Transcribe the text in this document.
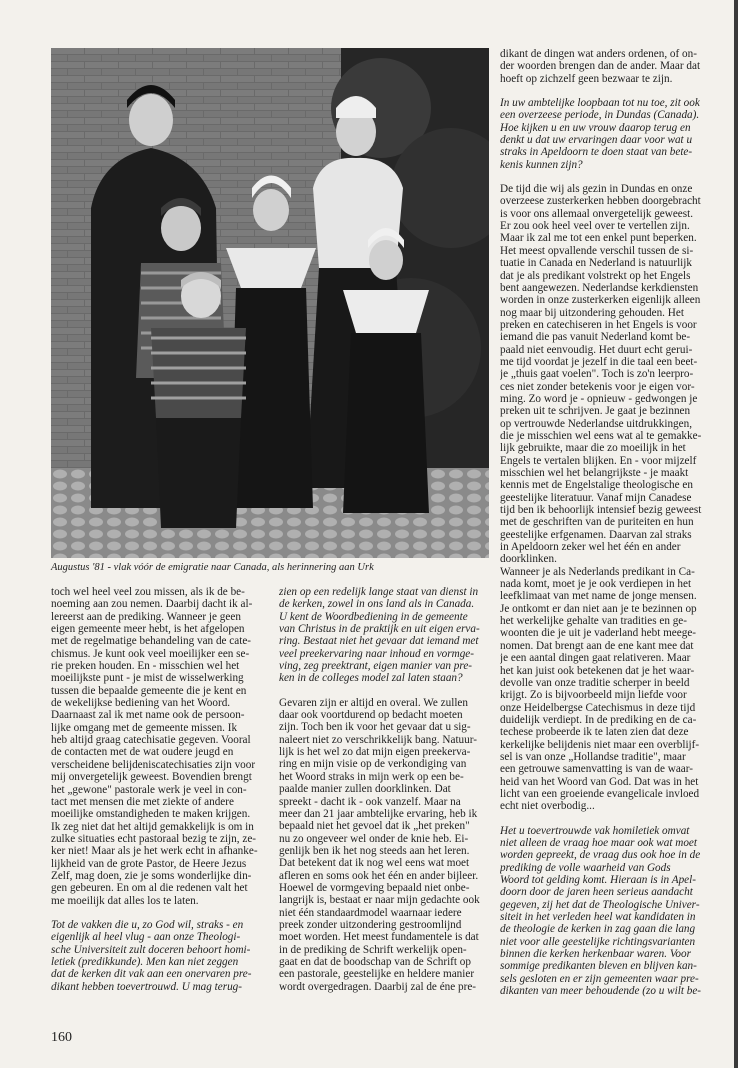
Augustus '81 - vlak vóór de emigratie naar Canada, als herinnering aan Urk

toch wel heel veel zou missen, als ik de be-
noeming aan zou nemen. Daarbij dacht ik al-
lereerst aan de prediking. Wanneer je geen
eigen gemeente meer hebt, is het afgelopen
met de regelmatige behandeling van de cate-
chismus. Je kunt ook veel moeilijker een se-
rie preken houden. En - misschien wel het
moeilijkste punt - je mist de wisselwerking
tussen die bepaalde gemeente die je kent en
de wekelijkse bediening van het Woord.
Daarnaast zal ik met name ook de persoon-
lijke omgang met de gemeente missen. Ik
heb altijd graag catechisatie gegeven. Vooral
de contacten met de wat oudere jeugd en
verscheidene belijdeniscatechisaties zijn voor
mij onvergetelijk geweest. Bovendien brengt
het „gewone" pastorale werk je veel in con-
tact met mensen die met ziekte of andere
moeilijke omstandigheden te maken krijgen.
Ik zeg niet dat het altijd gemakkelijk is om in
zulke situaties echt pastoraal bezig te zijn, ze-
ker niet! Maar als je het werk echt in afhanke-
lijkheid van de grote Pastor, de Heere Jezus
Zelf, mag doen, zie je soms wonderlijke din-
gen gebeuren. En om al die redenen valt het
me moeilijk dat alles los te laten.

Tot de vakken die u, zo God wil, straks - en
eigenlijk al heel vlug - aan onze Theologi-
sche Universiteit zult doceren behoort homi-
letiek (predikkunde). Men kan niet zeggen
dat de kerken dit vak aan een onervaren pre-
dikant hebben toevertrouwd. U mag terug-

zien op een redelijk lange staat van dienst in
de kerken, zowel in ons land als in Canada.
U kent de Woordbediening in de gemeente
van Christus in de praktijk en uit eigen erva-
ring. Bestaat niet het gevaar dat iemand met
veel preekervaring naar inhoud en vormge-
ving, zeg preektrant, eigen manier van pre-
ken in de colleges model zal laten staan?

Gevaren zijn er altijd en overal. We zullen
daar ook voortdurend op bedacht moeten
zijn. Toch ben ik voor het gevaar dat u sig-
naleert niet zo verschrikkelijk bang. Natuur-
lijk is het wel zo dat mijn eigen preekerva-
ring en mijn visie op de verkondiging van
het Woord straks in mijn werk op een be-
paalde manier zullen doorklinken. Dat
spreekt - dacht ik - ook vanzelf. Maar na
meer dan 21 jaar ambtelijke ervaring, heb ik
bepaald niet het gevoel dat ik „het preken"
nu zo ongeveer wel onder de knie heb. Ei-
genlijk ben ik het nog steeds aan het leren.
Dat betekent dat ik nog wel eens wat moet
afleren en soms ook het één en ander bijleer.
Hoewel de vormgeving bepaald niet onbe-
langrijk is, bestaat er naar mijn gedachte ook
niet één standaardmodel waarnaar iedere
preek zonder uitzondering gestroomlijnd
moet worden. Het meest fundamentele is dat
in de prediking de Schrift werkelijk open-
gaat en dat de boodschap van de Schrift op
een pastorale, geestelijke en heldere manier
wordt overgedragen. Daarbij zal de éne pre-

dikant de dingen wat anders ordenen, of on-
der woorden brengen dan de ander. Maar dat
hoeft op zichzelf geen bezwaar te zijn.

In uw ambtelijke loopbaan tot nu toe, zit ook
een overzeese periode, in Dundas (Canada).
Hoe kijken u en uw vrouw daarop terug en
denkt u dat uw ervaringen daar voor wat u
straks in Apeldoorn te doen staat van bete-
kenis kunnen zijn?

De tijd die wij als gezin in Dundas en onze
overzeese zusterkerken hebben doorgebracht
is voor ons allemaal onvergetelijk geweest.
Er zou ook heel veel over te vertellen zijn.
Maar ik zal me tot een enkel punt beperken.
Het meest opvallende verschil tussen de si-
tuatie in Canada en Nederland is natuurlijk
dat je als predikant volstrekt op het Engels
bent aangewezen. Nederlandse kerkdiensten
worden in onze zusterkerken eigenlijk alleen
nog maar bij uitzondering gehouden. Het
preken en catechiseren in het Engels is voor
iemand die pas vanuit Nederland komt be-
paald niet eenvoudig. Het duurt echt gerui-
me tijd voordat je jezelf in die taal een beet-
je „thuis gaat voelen". Toch is zo'n leerpro-
ces niet zonder betekenis voor je eigen vor-
ming. Zo word je - opnieuw - gedwongen je
preken uit te schrijven. Je gaat je bezinnen
op vertrouwde Nederlandse uitdrukkingen,
die je misschien wel eens wat al te gemakke-
lijk gebruikte, maar die zo moeilijk in het
Engels te vertalen blijken. En - voor mijzelf
misschien wel het belangrijkste - je maakt
kennis met de Engelstalige theologische en
geestelijke literatuur. Vanaf mijn Canadese
tijd ben ik behoorlijk intensief bezig geweest
met de geschriften van de puriteiten en hun
geestelijke erfgenamen. Daarvan zal straks
in Apeldoorn zeker wel het één en ander
doorklinken.
Wanneer je als Nederlands predikant in Ca-
nada komt, moet je je ook verdiepen in het
leefklimaat van met name de jonge mensen.
Je ontkomt er dan niet aan je te bezinnen op
het werkelijke gehalte van tradities en ge-
woonten die je uit je vaderland hebt meege-
nomen. Dat brengt aan de ene kant mee dat
je een aantal dingen gaat relativeren. Maar
het kan juist ook betekenen dat je het waar-
devolle van onze traditie scherper in beeld
krijgt. Zo is bijvoorbeeld mijn liefde voor
onze Heidelbergse Catechismus in deze tijd
duidelijk verdiept. In de prediking en de ca-
techese probeerde ik te laten zien dat deze
kerkelijke belijdenis niet maar een overblijf-
sel is van onze „Hollandse traditie", maar
een getrouwe samenvatting is van de waar-
heid van het Woord van God. Dat was in het
licht van een groeiende evangelicale invloed
echt niet overbodig...

Het u toevertrouwde vak homiletiek omvat
niet alleen de vraag hoe maar ook wat moet
worden gepreekt, de vraag dus ook hoe in de
prediking de volle waarheid van Gods
Woord tot gelding komt. Hieraan is in Apel-
doorn door de jaren heen serieus aandacht
gegeven, zij het dat de Theologische Univer-
siteit in het verleden heel wat kandidaten in
de theologie de kerken in zag gaan die lang
niet voor alle geestelijke richtingsvarianten
binnen die kerken herkenbaar waren. Voor
sommige predikanten bleven en blijven kan-
sels gesloten en er zijn gemeenten waar pre-
dikanten van meer behoudende (zo u wilt be-

160
